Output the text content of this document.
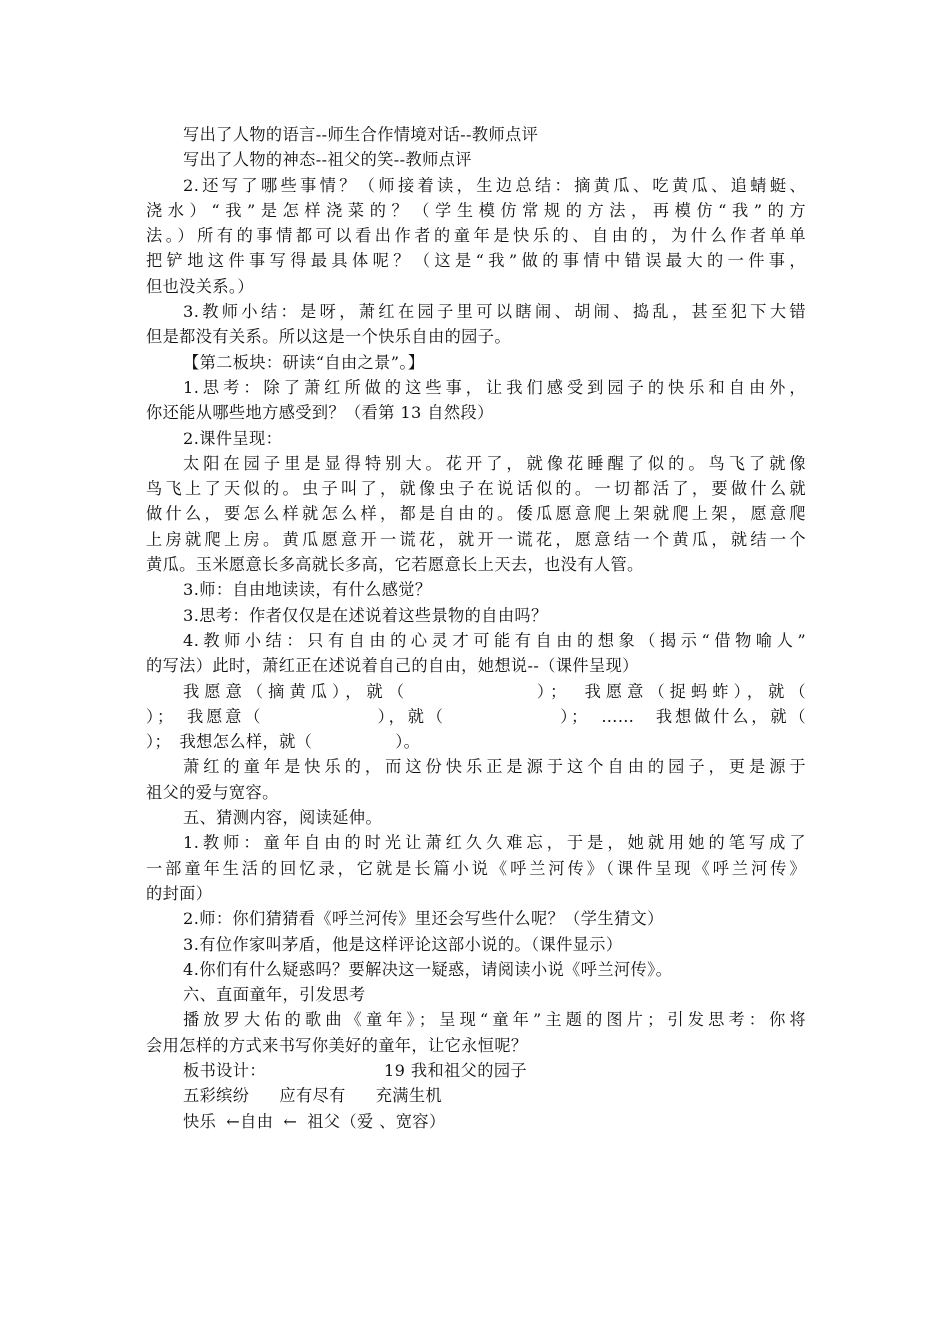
写出了人物的语言--师生合作情境对话--教师点评
写出了人物的神态--祖父的笑--教师点评
2.还写了哪些事情？（师接着读，生边总结：摘黄瓜、吃黄瓜、追蜻蜓、
浇水）“我”是怎样浇菜的？（学生模仿常规的方法，再模仿“我”的方
法。）所有的事情都可以看出作者的童年是快乐的、自由的，为什么作者单单
把铲地这件事写得最具体呢？（这是“我”做的事情中错误最大的一件事，
但也没关系。）
3.教师小结：是呀，萧红在园子里可以瞎闹、胡闹、捣乱，甚至犯下大错
但是都没有关系。所以这是一个快乐自由的园子。
【第二板块：研读“自由之景”。】
1.思考：除了萧红所做的这些事，让我们感受到园子的快乐和自由外，
你还能从哪些地方感受到？（看第 13 自然段）
2.课件呈现：
太阳在园子里是显得特别大。花开了，就像花睡醒了似的。鸟飞了就像
鸟飞上了天似的。虫子叫了，就像虫子在说话似的。一切都活了，要做什么就
做什么，要怎么样就怎么样，都是自由的。倭瓜愿意爬上架就爬上架，愿意爬
上房就爬上房。黄瓜愿意开一谎花，就开一谎花，愿意结一个黄瓜，就结一个
黄瓜。玉米愿意长多高就长多高，它若愿意长上天去，也没有人管。
3.师：自由地读读，有什么感觉？
3.思考：作者仅仅是在述说着这些景物的自由吗？
4.教师小结：只有自由的心灵才可能有自由的想象（揭示“借物喻人”
的写法）此时，萧红正在述说着自己的自由，她想说--（课件呈现）
我愿意（摘黄瓜），就（　　　　　　）；　我愿意（捉蚂蚱），就（
）；　我愿意（　　　　　　），就（　　　　　　）；　……　我想做什么，就（
）；　我想怎么样，就（　　　　　）。
萧红的童年是快乐的，而这份快乐正是源于这个自由的园子，更是源于
祖父的爱与宽容。
五、猜测内容，阅读延伸。
1.教师：童年自由的时光让萧红久久难忘，于是，她就用她的笔写成了
一部童年生活的回忆录，它就是长篇小说《呼兰河传》（课件呈现《呼兰河传》
的封面）
2.师：你们猜猜看《呼兰河传》里还会写些什么呢？（学生猜文）
3.有位作家叫茅盾，他是这样评论这部小说的。（课件显示）
4.你们有什么疑惑吗？要解决这一疑惑，请阅读小说《呼兰河传》。
六、直面童年，引发思考
播放罗大佑的歌曲《童年》；呈现“童年”主题的图片；引发思考：你将
会用怎样的方式来书写你美好的童年，让它永恒呢？
板书设计：	19 我和祖父的园子
五彩缤纷 应有尽有 充满生机
快乐 ←自由 ← 祖父（爱 、宽容）
